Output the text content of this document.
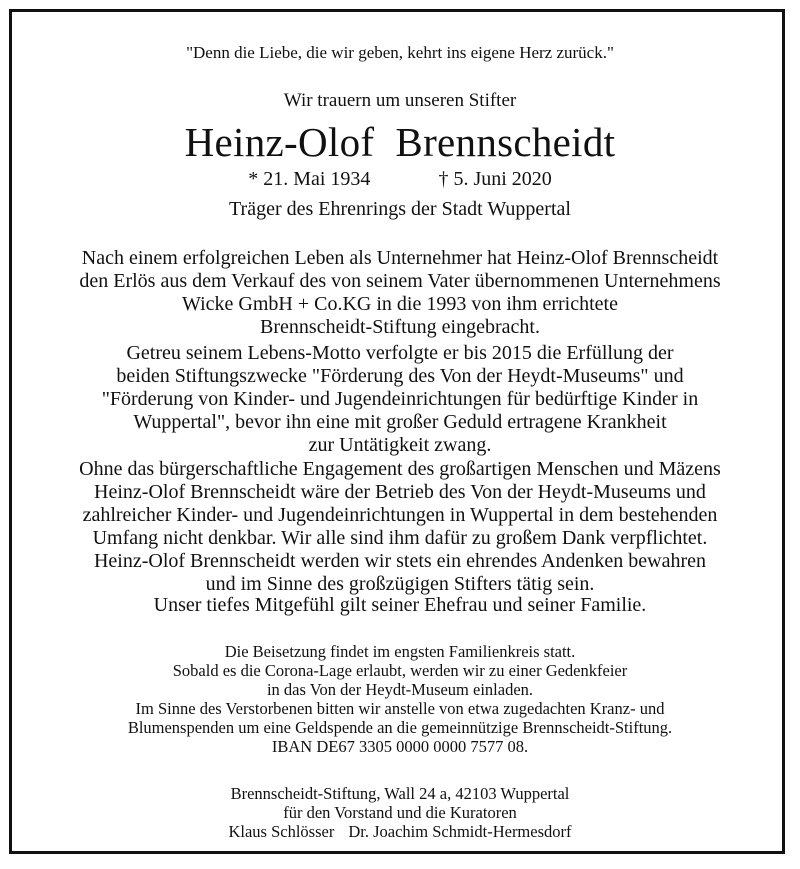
"Denn die Liebe, die wir geben, kehrt ins eigene Herz zurück."
Wir trauern um unseren Stifter
Heinz-Olof  Brennscheidt
* 21. Mai 1934	† 5. Juni 2020
Träger des Ehrenrings der Stadt Wuppertal
Nach einem erfolgreichen Leben als Unternehmer hat Heinz-Olof Brennscheidt
den Erlös aus dem Verkauf des von seinem Vater übernommenen Unternehmens
Wicke GmbH + Co.KG in die 1993 von ihm errichtete
Brennscheidt-Stiftung eingebracht.
Getreu seinem Lebens-Motto verfolgte er bis 2015 die Erfüllung der
beiden Stiftungszwecke "Förderung des Von der Heydt-Museums" und
"Förderung von Kinder- und Jugendeinrichtungen für bedürftige Kinder in
Wuppertal", bevor ihn eine mit großer Geduld ertragene Krankheit
zur Untätigkeit zwang.
Ohne das bürgerschaftliche Engagement des großartigen Menschen und Mäzens
Heinz-Olof Brennscheidt wäre der Betrieb des Von der Heydt-Museums und
zahlreicher Kinder- und Jugendeinrichtungen in Wuppertal in dem bestehenden
Umfang nicht denkbar. Wir alle sind ihm dafür zu großem Dank verpflichtet.
Heinz-Olof Brennscheidt werden wir stets ein ehrendes Andenken bewahren
und im Sinne des großzügigen Stifters tätig sein.
Unser tiefes Mitgefühl gilt seiner Ehefrau und seiner Familie.
Die Beisetzung findet im engsten Familienkreis statt.
Sobald es die Corona-Lage erlaubt, werden wir zu einer Gedenkfeier
in das Von der Heydt-Museum einladen.
Im Sinne des Verstorbenen bitten wir anstelle von etwa zugedachten Kranz- und
Blumenspenden um eine Geldspende an die gemeinnützige Brennscheidt-Stiftung.
IBAN DE67 3305 0000 0000 7577 08.
Brennscheidt-Stiftung, Wall 24 a, 42103 Wuppertal
für den Vorstand und die Kuratoren
Klaus Schlösser Dr. Joachim Schmidt-Hermesdorf
